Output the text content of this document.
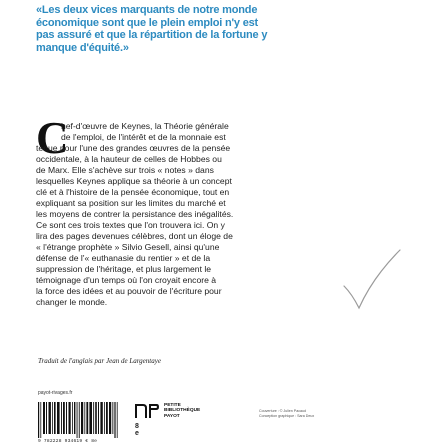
«Les deux vices marquants de notre monde
économique sont que le plein emploi n'y est
pas assuré et que la répartition de la fortune y
manque d'équité.»

C
hef-d'œuvre de Keynes, la Théorie générale
de l'emploi, de l'intérêt et de la monnaie est
tenue pour l'une des grandes œuvres de la pensée
occidentale, à la hauteur de celles de Hobbes ou
de Marx. Elle s'achève sur trois « notes » dans
lesquelles Keynes applique sa théorie à un concept
clé et à l'histoire de la pensée économique, tout en
expliquant sa position sur les limites du marché et
les moyens de contrer la persistance des inégalités.
Ce sont ces trois textes que l'on trouvera ici. On y
lira des pages devenues célèbres, dont un éloge de
« l'étrange prophète » Silvio Gesell, ainsi qu'une
défense de l'« euthanasie du rentier » et de la
suppression de l'héritage, et plus largement le
témoignage d'un temps où l'on croyait encore à
la force des idées et au pouvoir de l'écriture pour
changer le monde.
Traduit de l'anglais par Jean de Largentaye
payot-rivages.fr
9 782228 934619 € 8e
PETITE BIBLIOTHÈQUE PAYOT
8 e
Couverture : © Julien Pacaud
Conception graphique : Sara Deux
